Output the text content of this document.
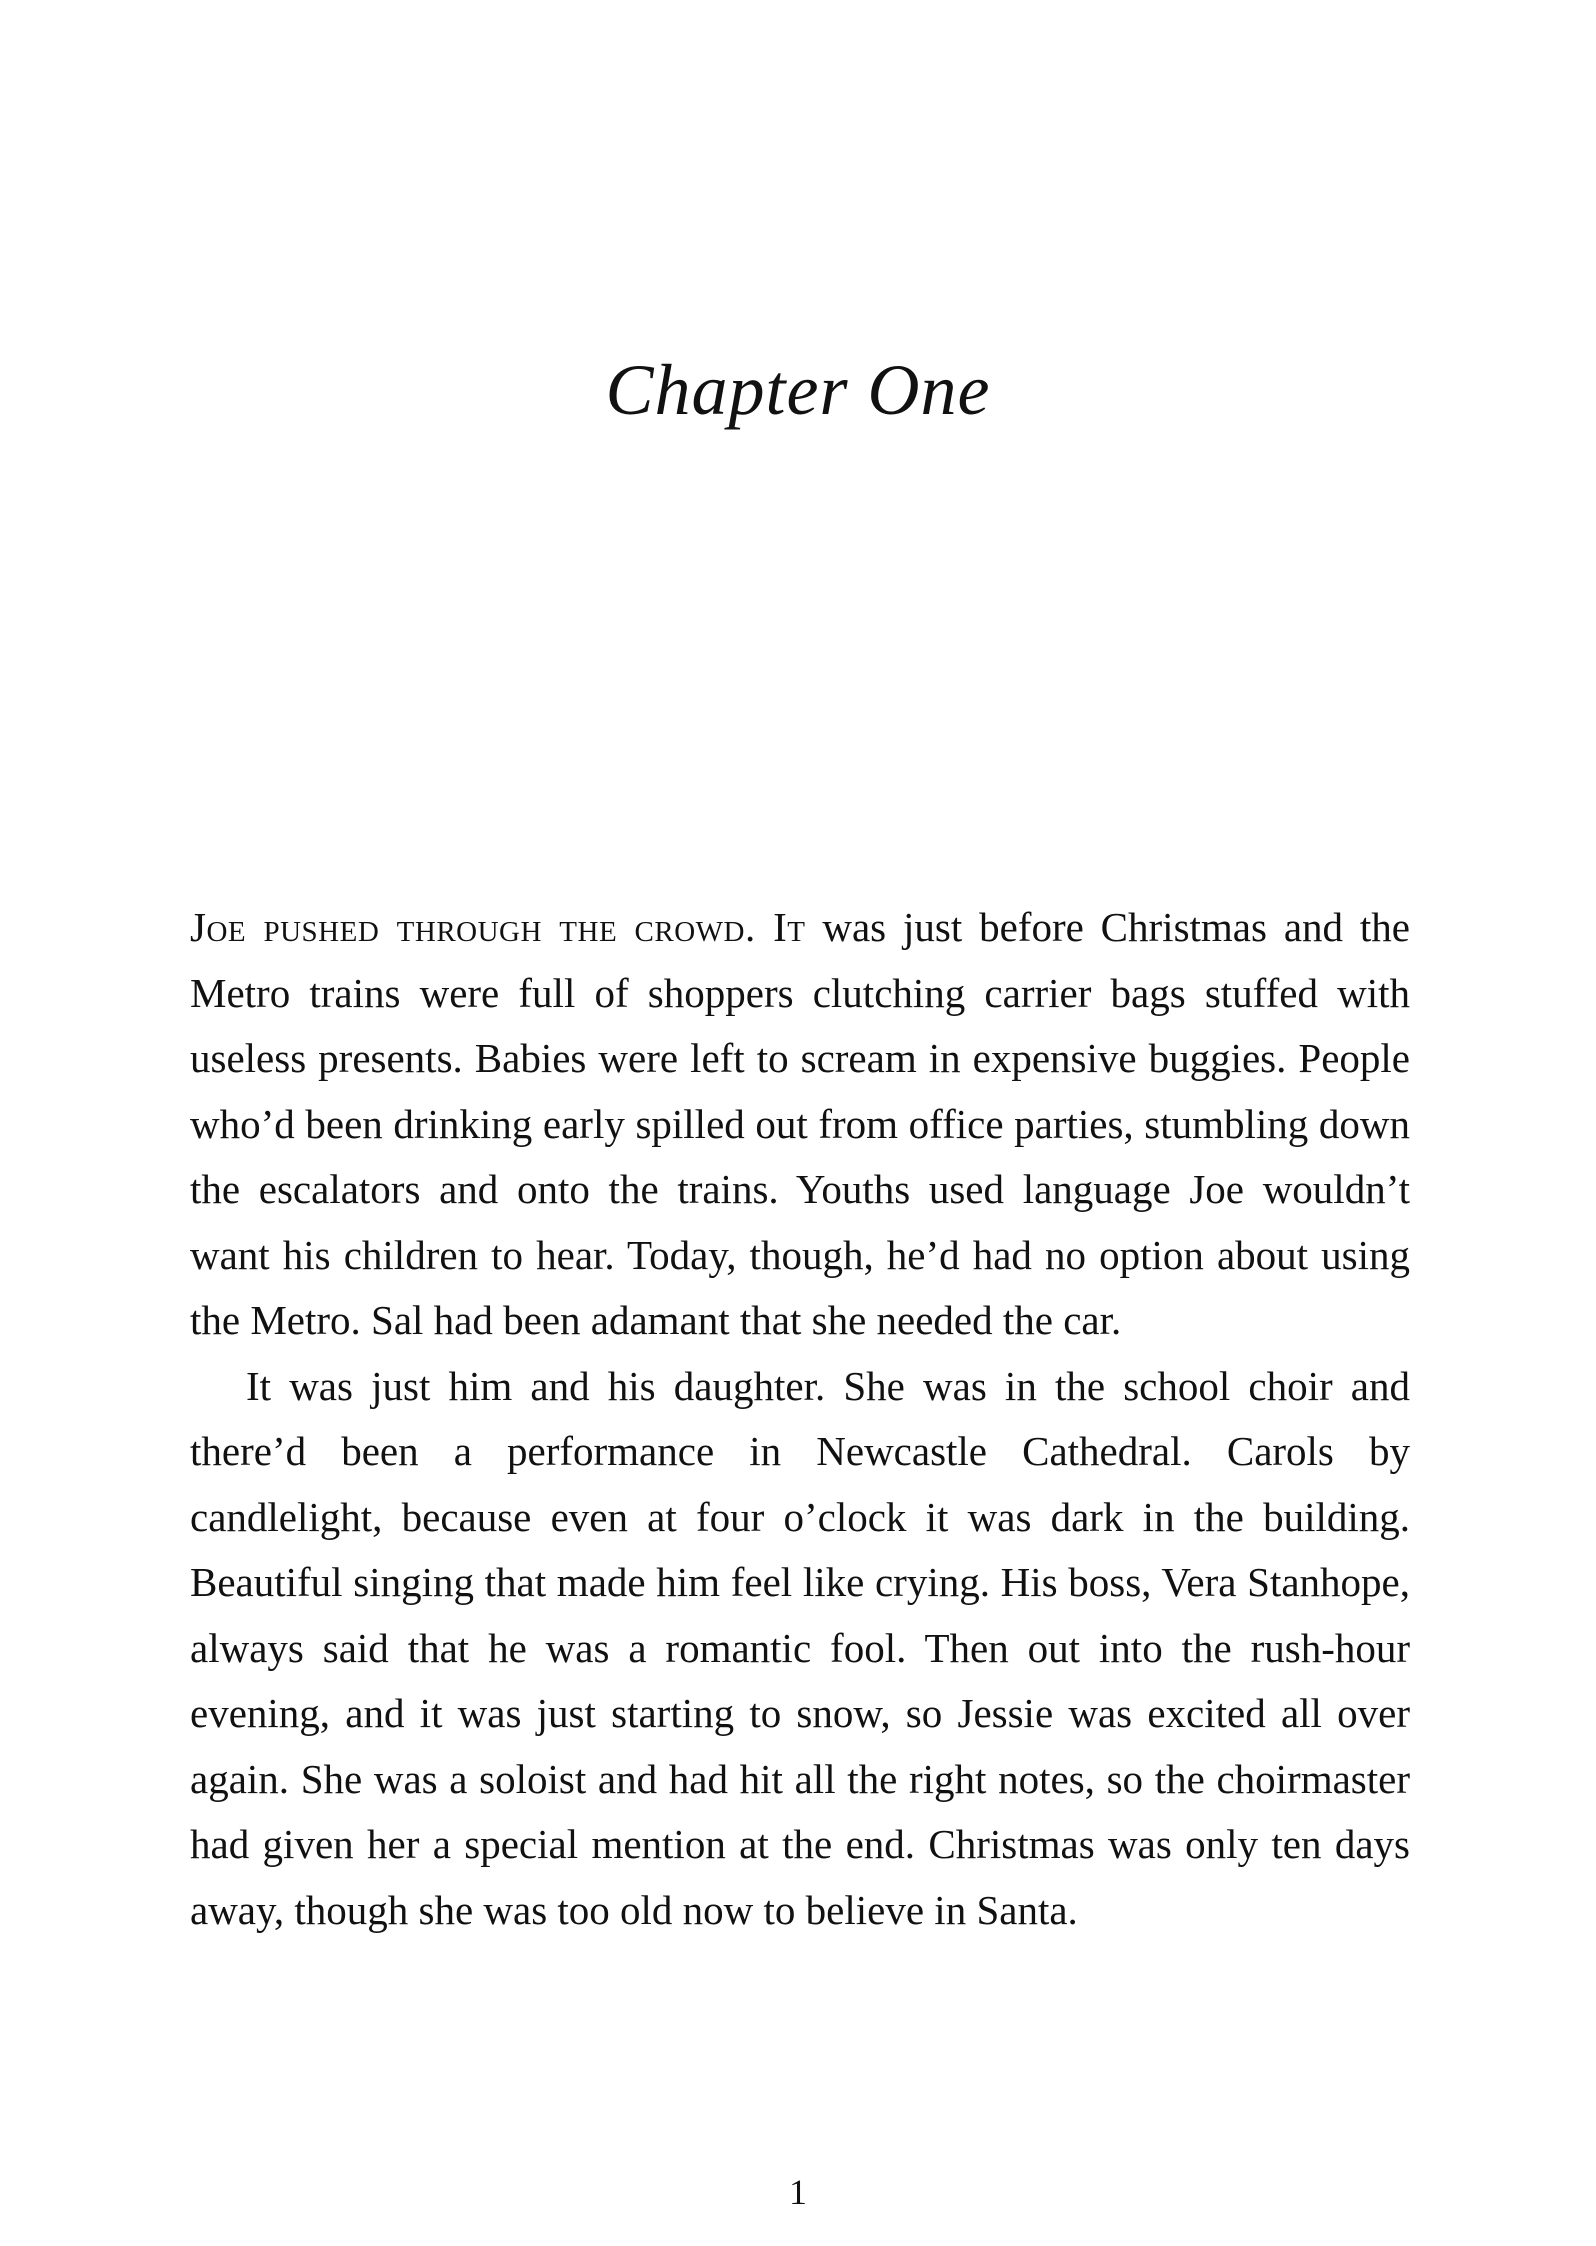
Chapter One

Joe pushed through the crowd. It was just before Christmas and the Metro trains were full of shoppers clutching carrier bags stuffed with useless presents. Babies were left to scream in expensive buggies. People who’d been drinking early spilled out from office parties, stumbling down the escalators and onto the trains. Youths used language Joe wouldn’t want his children to hear. Today, though, he’d had no option about using the Metro. Sal had been adamant that she needed the car.

It was just him and his daughter. She was in the school choir and there’d been a performance in Newcastle Cathedral. Carols by candlelight, because even at four o’clock it was dark in the building. Beautiful singing that made him feel like crying. His boss, Vera Stanhope, always said that he was a romantic fool. Then out into the rush-hour evening, and it was just starting to snow, so Jessie was excited all over again. She was a soloist and had hit all the right notes, so the choirmaster had given her a special mention at the end. Christmas was only ten days away, though she was too old now to believe in Santa.

1
